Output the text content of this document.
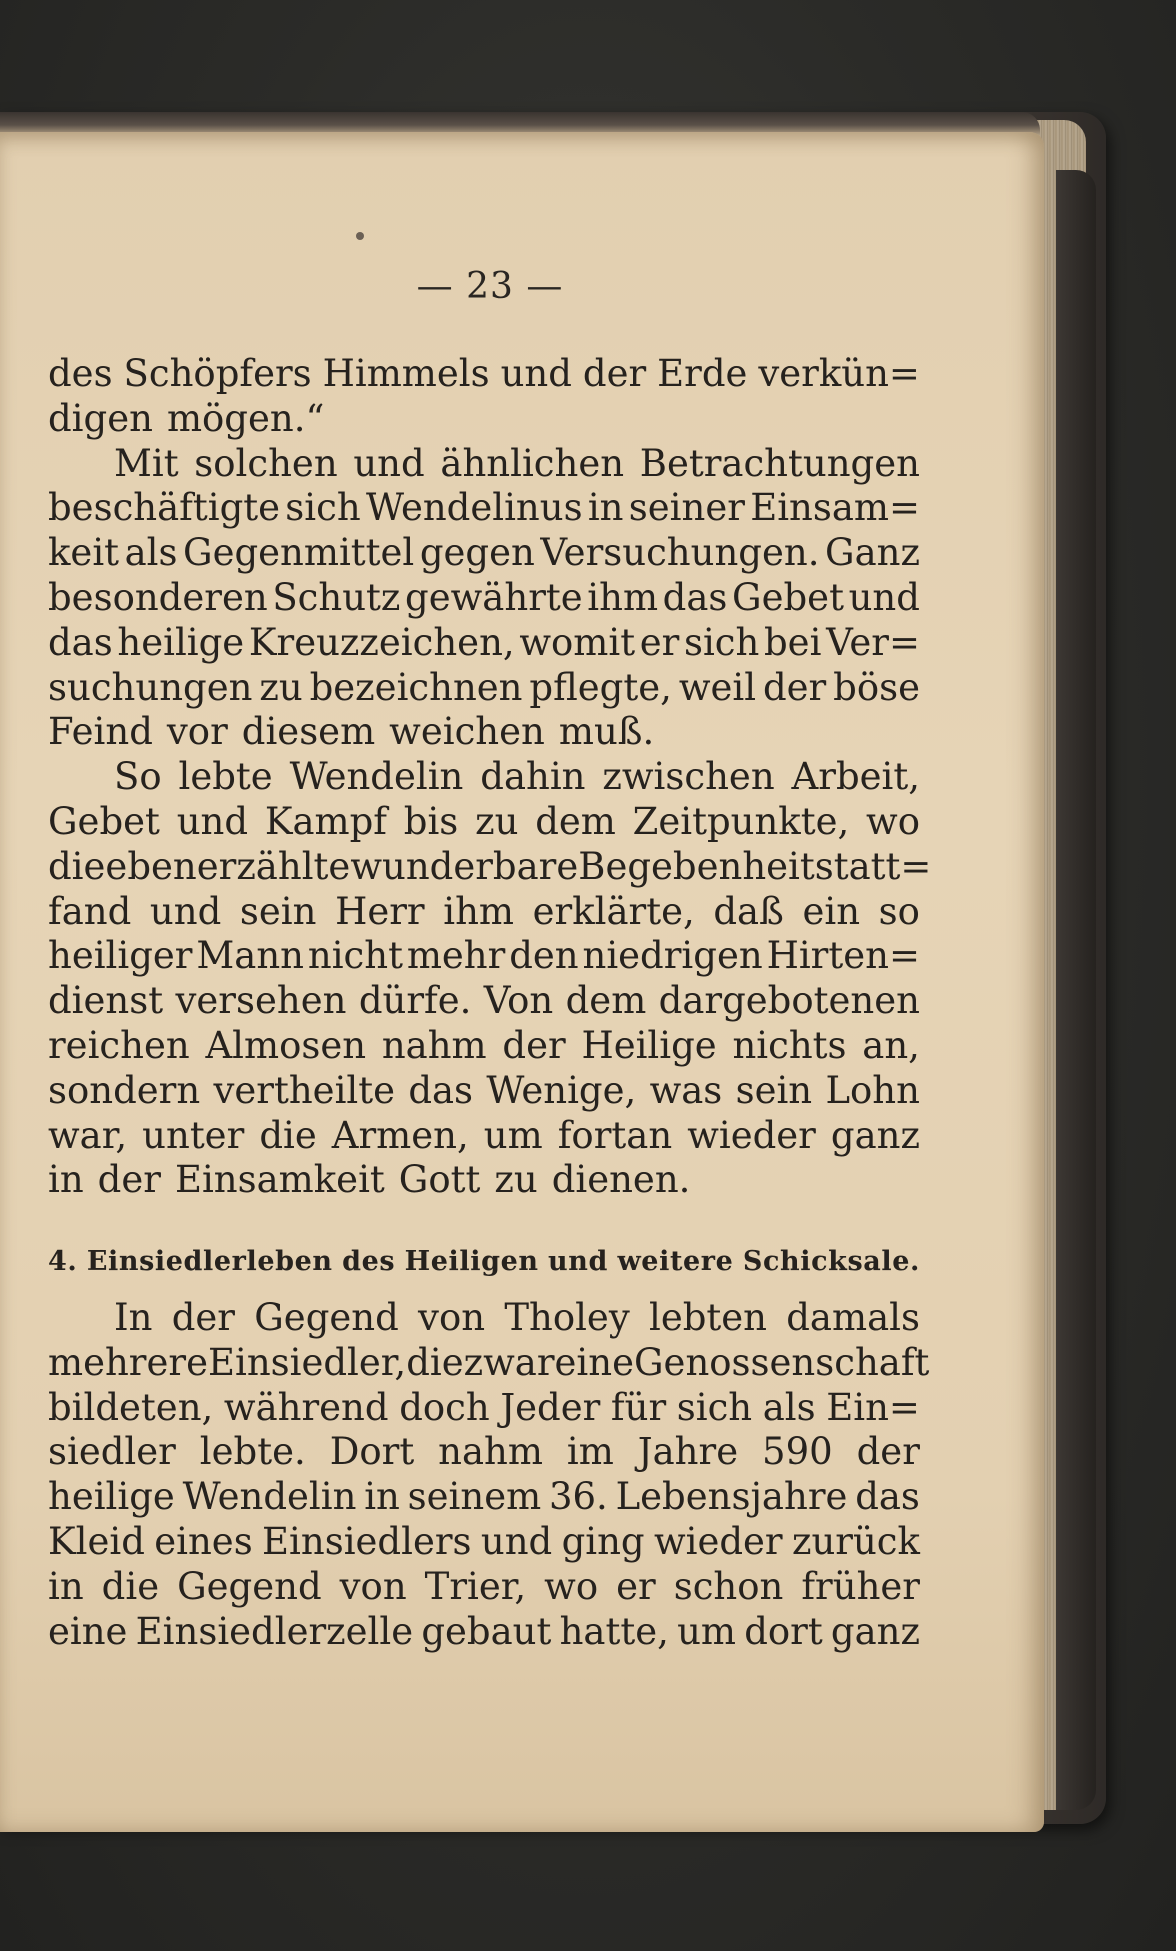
— 23 —
des Schöpfers Himmels und der Erde verkün=
digen mögen.“
Mit solchen und ähnlichen Betrachtungen
beschäftigte sich Wendelinus in seiner Einsam=
keit als Gegenmittel gegen Versuchungen. Ganz
besonderen Schutz gewährte ihm das Gebet und
das heilige Kreuzzeichen, womit er sich bei Ver=
suchungen zu bezeichnen pflegte, weil der böse
Feind vor diesem weichen muß.
So lebte Wendelin dahin zwischen Arbeit,
Gebet und Kampf bis zu dem Zeitpunkte, wo
die eben erzählte wunderbare Begebenheit statt=
fand und sein Herr ihm erklärte, daß ein so
heiliger Mann nicht mehr den niedrigen Hirten=
dienst versehen dürfe. Von dem dargebotenen
reichen Almosen nahm der Heilige nichts an,
sondern vertheilte das Wenige, was sein Lohn
war, unter die Armen, um fortan wieder ganz
in der Einsamkeit Gott zu dienen.
4. Einsiedlerleben des Heiligen und weitere Schicksale.
In der Gegend von Tholey lebten damals
mehrere Einsiedler, die zwar eine Genossenschaft
bildeten, während doch Jeder für sich als Ein=
siedler lebte. Dort nahm im Jahre 590 der
heilige Wendelin in seinem 36. Lebensjahre das
Kleid eines Einsiedlers und ging wieder zurück
in die Gegend von Trier, wo er schon früher
eine Einsiedlerzelle gebaut hatte, um dort ganz
